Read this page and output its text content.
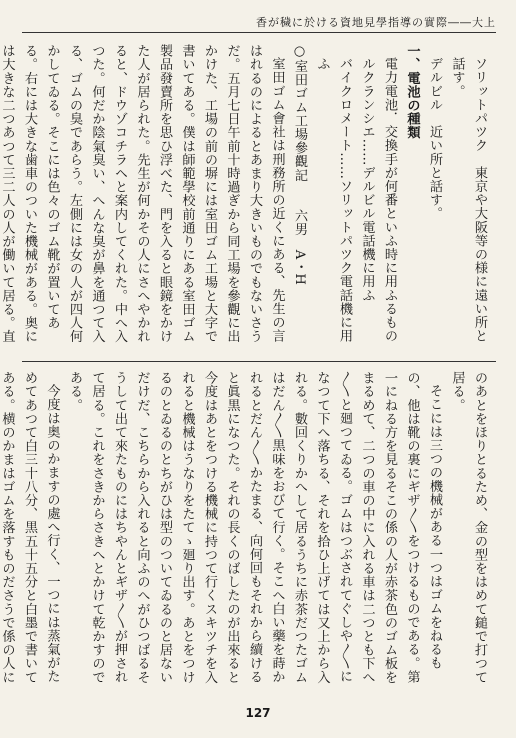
香が穢に於ける資地見學指導の實際――大上

ソリットパツク　東京や大阪等の様に遠い所と話す。

デルビル　近い所と話す。

一、電池の種類

電力電池．交換手が何番といふ時に用ふるもの

ルクランシエ……デルビル電話機に用ふ

バイクロメート……ソリットパツク電話機に用ふ

○室田ゴム工場參觀記　　六男　A・H

室田ゴム會社は刑務所の近くにある、先生の言はれるのによるとあまり大きいものでもないさうだ。五月七日午前十時過ぎから同工場を參觀に出かけた、工場の前の塀には室田ゴム工場と大字で書いてある。僕は師範學校前通りにある室田ゴム製品發賣所を思ひ浮べた、門を入ると眼鏡をかけた人が居られた。先生が何かその人にさへやかれると、ドウゾコチラヘと案内してくれた。中へ入つた。何だか陰氣臭い、へんな臭が鼻を通つて入る、ゴムの臭であらう。左側には女の人が四人何かしてゐる。そこには色々のゴム靴が置いてある。右には大きな歯車のついた機械がある。奥には大きな二つあつて三二人の人が働いて居る。直

のあとをほりとるため、金の型をはめて鎚で打つて居る。

そこには三つの機械がある一つはゴムをねるもの、他は靴の裏にギザ〳〵をつけるものである。第一にねる方を見るそこの係の人が赤茶色のゴム板をまるめて、二つの車の中に入れる車は二つとも下へ〳〵と廻つてゐる。ゴムはつぶされてぐしや〳〵になつて下へ落ちる、それを拾ひ上げては又上から入れる。數回くりかへして居るうちに赤茶だつたゴムはだん〳〵黒味をおびて行く。そこへ白い藥を蒔かれるとだん〳〵かたまる、向何回もそれから續けると眞黒になつた。それの長くのばしたのが出來ると今度はあとをつける機械に持つて行くスキツチを入れると機械はうなりをたてゝ廻り出す。あとをつけるのとゐるのとちがひは型のついてゐるのと居ないだけだ、こちらから入れると向ふのへがひつばるそうして出て來たものにはちやんとギザ〳〵が押されて居る。これをさきからさきへとかけて乾かすのである。

今度は奥のかますの處へ行く、一つには蒸氣がためてあつて白三十八分、黒五十五分と白墨で書いてある。横のかまはゴムを落すものださうで係の人に

127
